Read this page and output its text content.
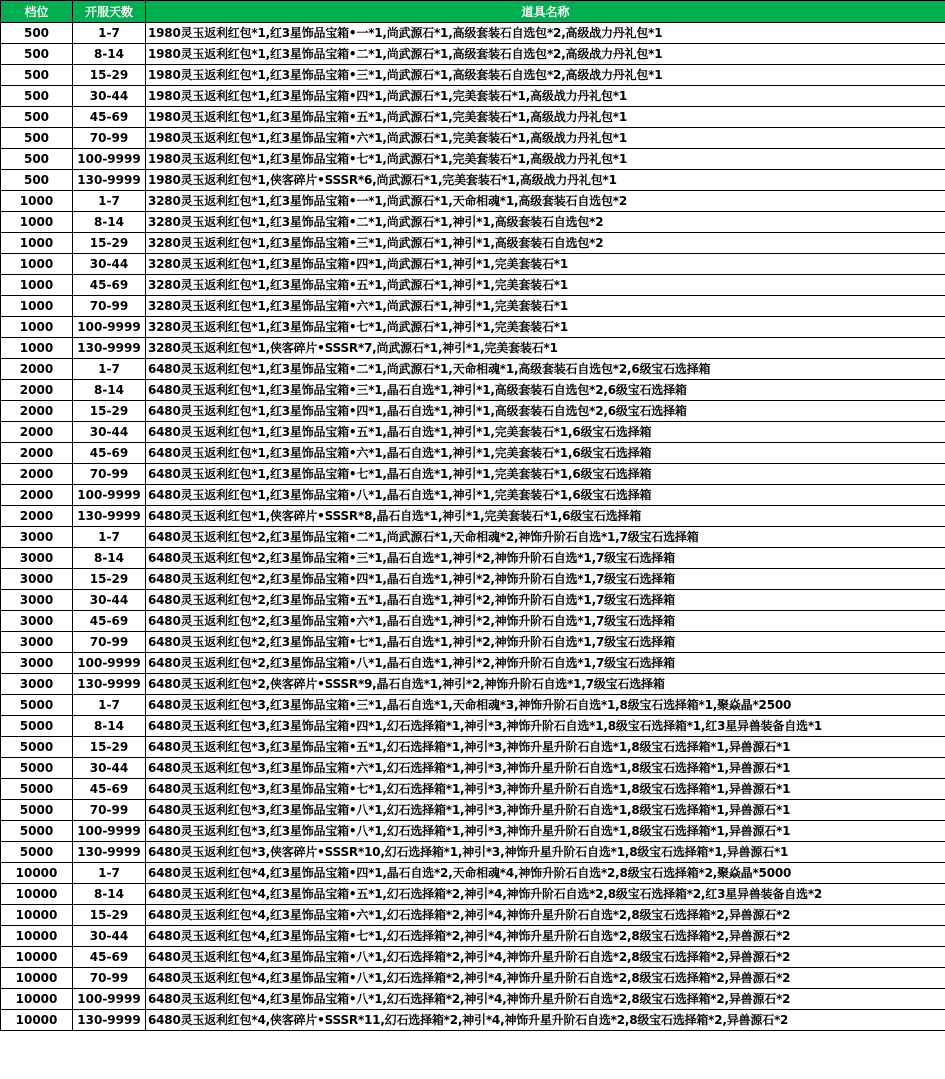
档位	开服天数	道具名称
500	1-7	1980灵玉返利红包*1,红3星饰品宝箱•一*1,尚武源石*1,高级套装石自选包*2,高级战力丹礼包*1
500	8-14	1980灵玉返利红包*1,红3星饰品宝箱•二*1,尚武源石*1,高级套装石自选包*2,高级战力丹礼包*1
500	15-29	1980灵玉返利红包*1,红3星饰品宝箱•三*1,尚武源石*1,高级套装石自选包*2,高级战力丹礼包*1
500	30-44	1980灵玉返利红包*1,红3星饰品宝箱•四*1,尚武源石*1,完美套装石*1,高级战力丹礼包*1
500	45-69	1980灵玉返利红包*1,红3星饰品宝箱•五*1,尚武源石*1,完美套装石*1,高级战力丹礼包*1
500	70-99	1980灵玉返利红包*1,红3星饰品宝箱•六*1,尚武源石*1,完美套装石*1,高级战力丹礼包*1
500	100-9999	1980灵玉返利红包*1,红3星饰品宝箱•七*1,尚武源石*1,完美套装石*1,高级战力丹礼包*1
500	130-9999	1980灵玉返利红包*1,侠客碎片•SSSR*6,尚武源石*1,完美套装石*1,高级战力丹礼包*1
1000	1-7	3280灵玉返利红包*1,红3星饰品宝箱•一*1,尚武源石*1,天命相魂*1,高级套装石自选包*2
1000	8-14	3280灵玉返利红包*1,红3星饰品宝箱•二*1,尚武源石*1,神引*1,高级套装石自选包*2
1000	15-29	3280灵玉返利红包*1,红3星饰品宝箱•三*1,尚武源石*1,神引*1,高级套装石自选包*2
1000	30-44	3280灵玉返利红包*1,红3星饰品宝箱•四*1,尚武源石*1,神引*1,完美套装石*1
1000	45-69	3280灵玉返利红包*1,红3星饰品宝箱•五*1,尚武源石*1,神引*1,完美套装石*1
1000	70-99	3280灵玉返利红包*1,红3星饰品宝箱•六*1,尚武源石*1,神引*1,完美套装石*1
1000	100-9999	3280灵玉返利红包*1,红3星饰品宝箱•七*1,尚武源石*1,神引*1,完美套装石*1
1000	130-9999	3280灵玉返利红包*1,侠客碎片•SSSR*7,尚武源石*1,神引*1,完美套装石*1
2000	1-7	6480灵玉返利红包*1,红3星饰品宝箱•二*1,尚武源石*1,天命相魂*1,高级套装石自选包*2,6级宝石选择箱
2000	8-14	6480灵玉返利红包*1,红3星饰品宝箱•三*1,晶石自选*1,神引*1,高级套装石自选包*2,6级宝石选择箱
2000	15-29	6480灵玉返利红包*1,红3星饰品宝箱•四*1,晶石自选*1,神引*1,高级套装石自选包*2,6级宝石选择箱
2000	30-44	6480灵玉返利红包*1,红3星饰品宝箱•五*1,晶石自选*1,神引*1,完美套装石*1,6级宝石选择箱
2000	45-69	6480灵玉返利红包*1,红3星饰品宝箱•六*1,晶石自选*1,神引*1,完美套装石*1,6级宝石选择箱
2000	70-99	6480灵玉返利红包*1,红3星饰品宝箱•七*1,晶石自选*1,神引*1,完美套装石*1,6级宝石选择箱
2000	100-9999	6480灵玉返利红包*1,红3星饰品宝箱•八*1,晶石自选*1,神引*1,完美套装石*1,6级宝石选择箱
2000	130-9999	6480灵玉返利红包*1,侠客碎片•SSSR*8,晶石自选*1,神引*1,完美套装石*1,6级宝石选择箱
3000	1-7	6480灵玉返利红包*2,红3星饰品宝箱•二*1,尚武源石*1,天命相魂*2,神饰升阶石自选*1,7级宝石选择箱
3000	8-14	6480灵玉返利红包*2,红3星饰品宝箱•三*1,晶石自选*1,神引*2,神饰升阶石自选*1,7级宝石选择箱
3000	15-29	6480灵玉返利红包*2,红3星饰品宝箱•四*1,晶石自选*1,神引*2,神饰升阶石自选*1,7级宝石选择箱
3000	30-44	6480灵玉返利红包*2,红3星饰品宝箱•五*1,晶石自选*1,神引*2,神饰升阶石自选*1,7级宝石选择箱
3000	45-69	6480灵玉返利红包*2,红3星饰品宝箱•六*1,晶石自选*1,神引*2,神饰升阶石自选*1,7级宝石选择箱
3000	70-99	6480灵玉返利红包*2,红3星饰品宝箱•七*1,晶石自选*1,神引*2,神饰升阶石自选*1,7级宝石选择箱
3000	100-9999	6480灵玉返利红包*2,红3星饰品宝箱•八*1,晶石自选*1,神引*2,神饰升阶石自选*1,7级宝石选择箱
3000	130-9999	6480灵玉返利红包*2,侠客碎片•SSSR*9,晶石自选*1,神引*2,神饰升阶石自选*1,7级宝石选择箱
5000	1-7	6480灵玉返利红包*3,红3星饰品宝箱•三*1,晶石自选*1,天命相魂*3,神饰升阶石自选*1,8级宝石选择箱*1,聚焱晶*2500
5000	8-14	6480灵玉返利红包*3,红3星饰品宝箱•四*1,幻石选择箱*1,神引*3,神饰升阶石自选*1,8级宝石选择箱*1,红3星异兽装备自选*1
5000	15-29	6480灵玉返利红包*3,红3星饰品宝箱•五*1,幻石选择箱*1,神引*3,神饰升星升阶石自选*1,8级宝石选择箱*1,异兽源石*1
5000	30-44	6480灵玉返利红包*3,红3星饰品宝箱•六*1,幻石选择箱*1,神引*3,神饰升星升阶石自选*1,8级宝石选择箱*1,异兽源石*1
5000	45-69	6480灵玉返利红包*3,红3星饰品宝箱•七*1,幻石选择箱*1,神引*3,神饰升星升阶石自选*1,8级宝石选择箱*1,异兽源石*1
5000	70-99	6480灵玉返利红包*3,红3星饰品宝箱•八*1,幻石选择箱*1,神引*3,神饰升星升阶石自选*1,8级宝石选择箱*1,异兽源石*1
5000	100-9999	6480灵玉返利红包*3,红3星饰品宝箱•八*1,幻石选择箱*1,神引*3,神饰升星升阶石自选*1,8级宝石选择箱*1,异兽源石*1
5000	130-9999	6480灵玉返利红包*3,侠客碎片•SSSR*10,幻石选择箱*1,神引*3,神饰升星升阶石自选*1,8级宝石选择箱*1,异兽源石*1
10000	1-7	6480灵玉返利红包*4,红3星饰品宝箱•四*1,晶石自选*2,天命相魂*4,神饰升阶石自选*2,8级宝石选择箱*2,聚焱晶*5000
10000	8-14	6480灵玉返利红包*4,红3星饰品宝箱•五*1,幻石选择箱*2,神引*4,神饰升阶石自选*2,8级宝石选择箱*2,红3星异兽装备自选*2
10000	15-29	6480灵玉返利红包*4,红3星饰品宝箱•六*1,幻石选择箱*2,神引*4,神饰升星升阶石自选*2,8级宝石选择箱*2,异兽源石*2
10000	30-44	6480灵玉返利红包*4,红3星饰品宝箱•七*1,幻石选择箱*2,神引*4,神饰升星升阶石自选*2,8级宝石选择箱*2,异兽源石*2
10000	45-69	6480灵玉返利红包*4,红3星饰品宝箱•八*1,幻石选择箱*2,神引*4,神饰升星升阶石自选*2,8级宝石选择箱*2,异兽源石*2
10000	70-99	6480灵玉返利红包*4,红3星饰品宝箱•八*1,幻石选择箱*2,神引*4,神饰升星升阶石自选*2,8级宝石选择箱*2,异兽源石*2
10000	100-9999	6480灵玉返利红包*4,红3星饰品宝箱•八*1,幻石选择箱*2,神引*4,神饰升星升阶石自选*2,8级宝石选择箱*2,异兽源石*2
10000	130-9999	6480灵玉返利红包*4,侠客碎片•SSSR*11,幻石选择箱*2,神引*4,神饰升星升阶石自选*2,8级宝石选择箱*2,异兽源石*2
